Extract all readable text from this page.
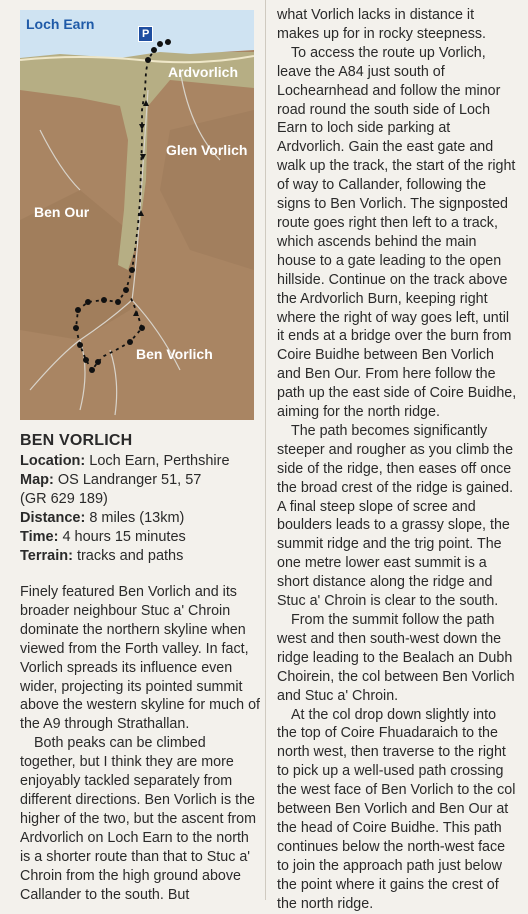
Loch Earn
P
Ardvorlich
Glen Vorlich
Ben Our
Ben Vorlich
BEN VORLICH
Location: Loch Earn, Perthshire
Map: OS Landranger 51, 57
(GR 629 189)
Distance: 8 miles (13km)
Time: 4 hours 15 minutes
Terrain: tracks and paths

Finely featured Ben Vorlich and its broader neighbour Stuc a' Chroin dominate the northern skyline when viewed from the Forth valley. In fact, Vorlich spreads its influence even wider, projecting its pointed summit above the western skyline for much of the A9 through Strathallan.

Both peaks can be climbed together, but I think they are more enjoyably tackled separately from different directions. Ben Vorlich is the higher of the two, but the ascent from Ardvorlich on Loch Earn to the north is a shorter route than that to Stuc a' Chroin from the high ground above Callander to the south. But

what Vorlich lacks in distance it makes up for in rocky steepness.

To access the route up Vorlich, leave the A84 just south of Lochearnhead and follow the minor road round the south side of Loch Earn to loch side parking at Ardvorlich. Gain the east gate and walk up the track, the start of the right of way to Callander, following the signs to Ben Vorlich. The signposted route goes right then left to a track, which ascends behind the main house to a gate leading to the open hillside. Continue on the track above the Ardvorlich Burn, keeping right where the right of way goes left, until it ends at a bridge over the burn from Coire Buidhe between Ben Vorlich and Ben Our. From here follow the path up the east side of Coire Buidhe, aiming for the north ridge.

The path becomes significantly steeper and rougher as you climb the side of the ridge, then eases off once the broad crest of the ridge is gained. A final steep slope of scree and boulders leads to a grassy slope, the summit ridge and the trig point. The one metre lower east summit is a short distance along the ridge and Stuc a' Chroin is clear to the south.

From the summit follow the path west and then south-west down the ridge leading to the Bealach an Dubh Choirein, the col between Ben Vorlich and Stuc a' Chroin.

At the col drop down slightly into the top of Coire Fhuadaraich to the north west, then traverse to the right to pick up a well-used path crossing the west face of Ben Vorlich to the col between Ben Vorlich and Ben Our at the head of Coire Buidhe. This path continues below the north-west face to join the approach path just below the point where it gains the crest of the north ridge.
